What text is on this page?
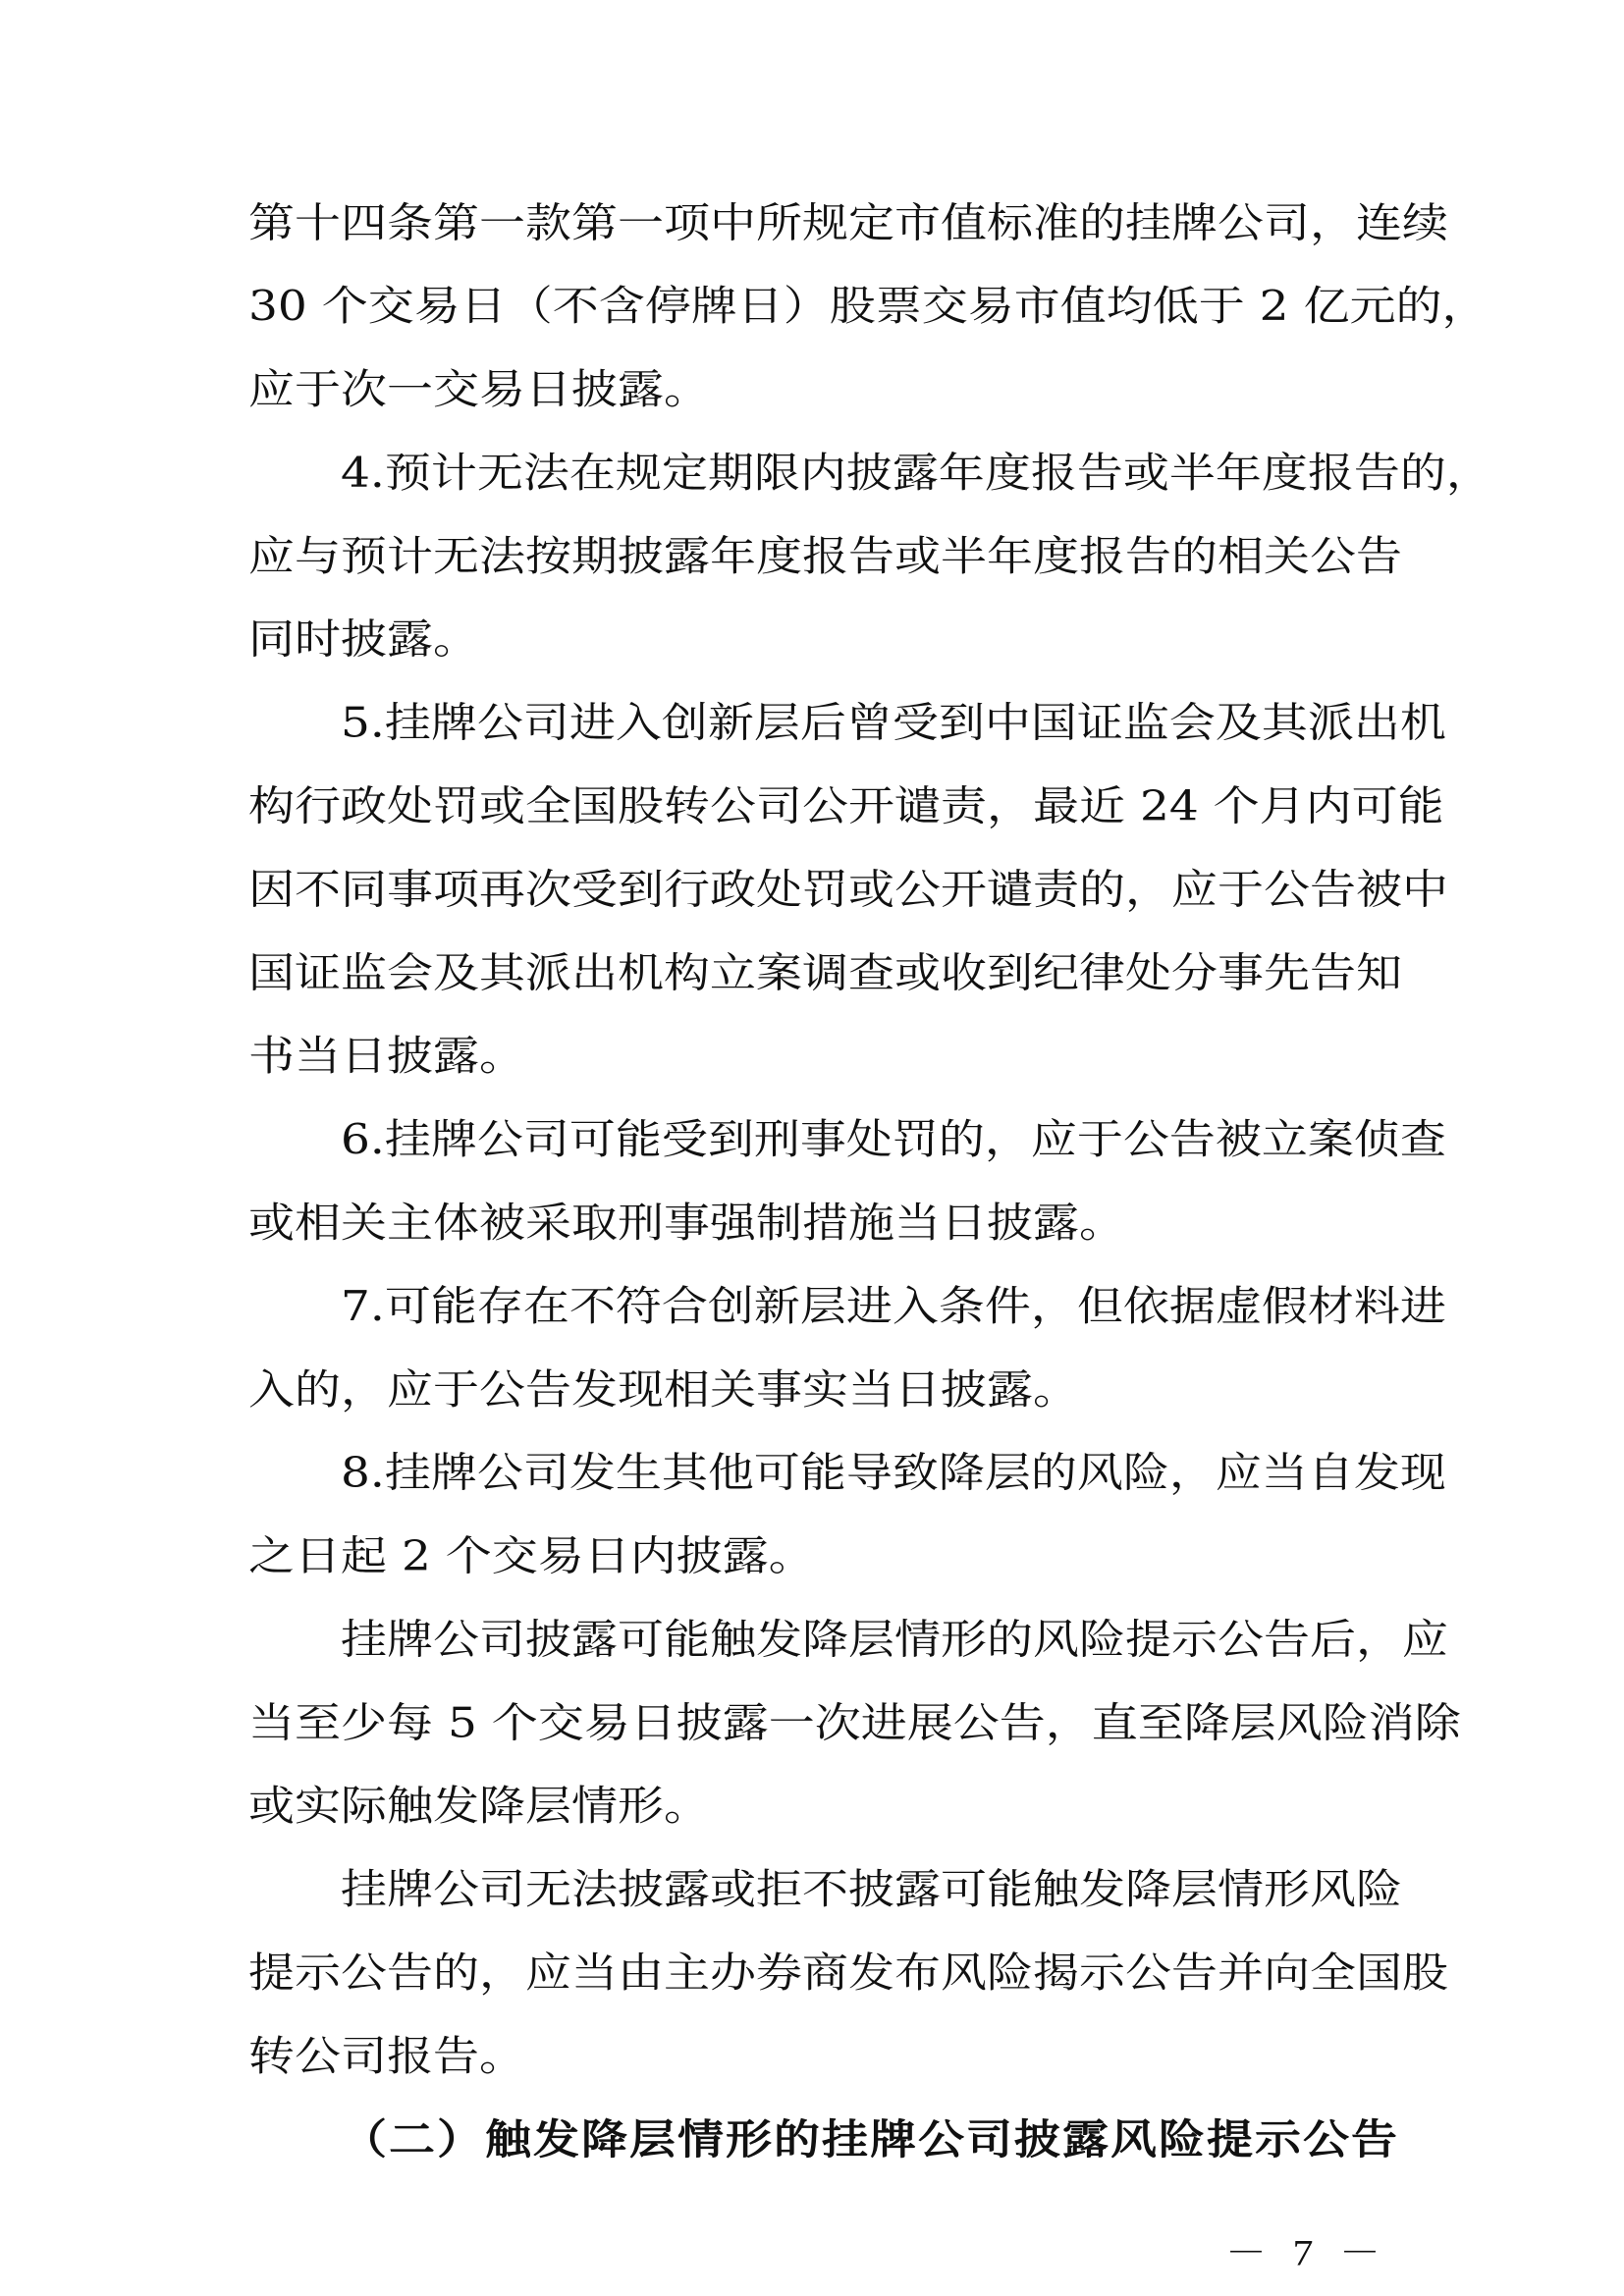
第十四条第一款第一项中所规定市值标准的挂牌公司，连续
30 个交易日（不含停牌日）股票交易市值均低于 2 亿元的，
应于次一交易日披露。
4.预计无法在规定期限内披露年度报告或半年度报告的，
应与预计无法按期披露年度报告或半年度报告的相关公告
同时披露。
5.挂牌公司进入创新层后曾受到中国证监会及其派出机
构行政处罚或全国股转公司公开谴责，最近 24 个月内可能
因不同事项再次受到行政处罚或公开谴责的，应于公告被中
国证监会及其派出机构立案调查或收到纪律处分事先告知
书当日披露。
6.挂牌公司可能受到刑事处罚的，应于公告被立案侦查
或相关主体被采取刑事强制措施当日披露。
7.可能存在不符合创新层进入条件，但依据虚假材料进
入的，应于公告发现相关事实当日披露。
8.挂牌公司发生其他可能导致降层的风险，应当自发现
之日起 2 个交易日内披露。
挂牌公司披露可能触发降层情形的风险提示公告后，应
当至少每 5 个交易日披露一次进展公告，直至降层风险消除
或实际触发降层情形。
挂牌公司无法披露或拒不披露可能触发降层情形风险
提示公告的，应当由主办券商发布风险揭示公告并向全国股
转公司报告。
（二）触发降层情形的挂牌公司披露风险提示公告
－ 7 －
